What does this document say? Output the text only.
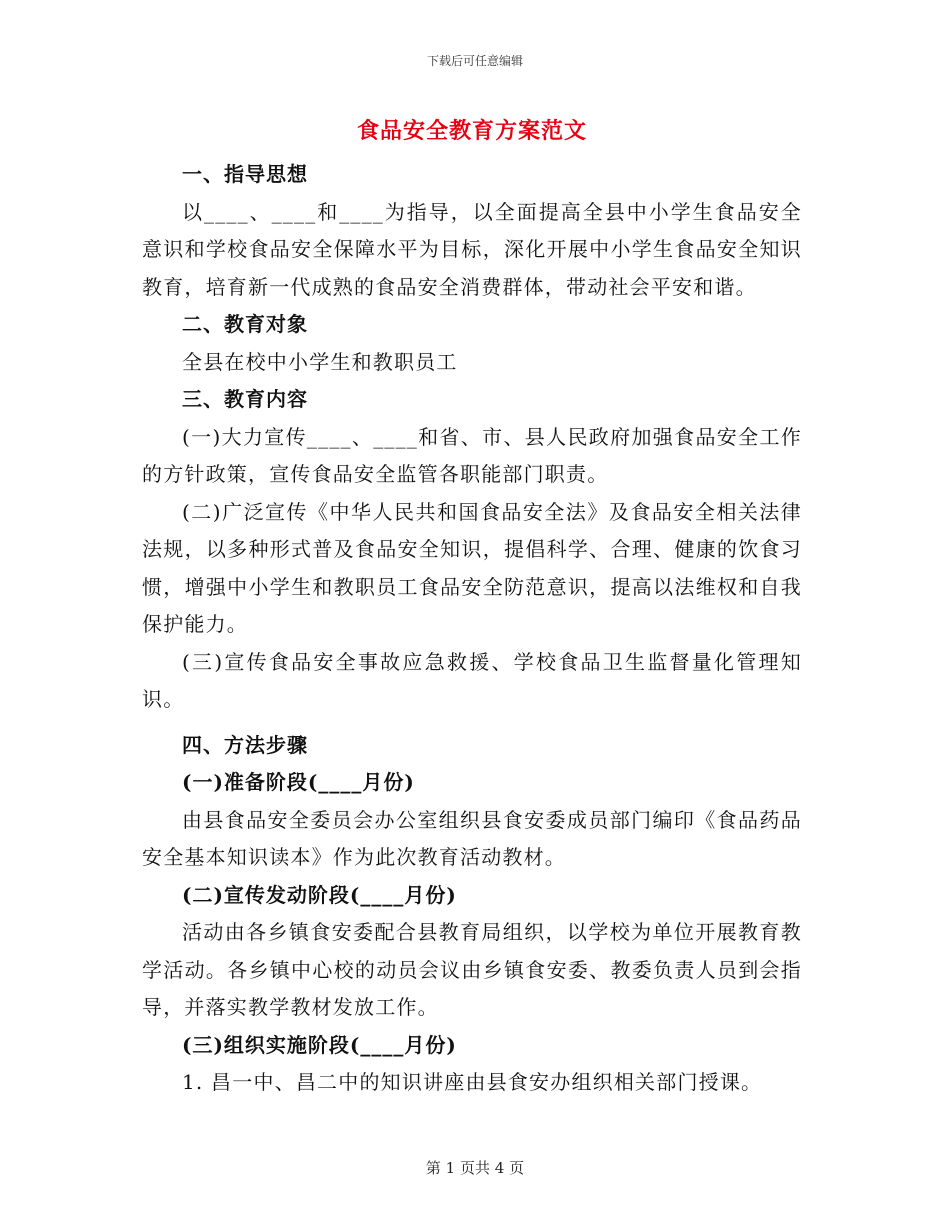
下载后可任意编辑
食品安全教育方案范文

一、指导思想

以____、____和____为指导，以全面提高全县中小学生食品安全意识和学校食品安全保障水平为目标，深化开展中小学生食品安全知识教育，培育新一代成熟的食品安全消费群体，带动社会平安和谐。

二、教育对象

全县在校中小学生和教职员工

三、教育内容

(一)大力宣传____、____和省、市、县人民政府加强食品安全工作的方针政策，宣传食品安全监管各职能部门职责。

(二)广泛宣传《中华人民共和国食品安全法》及食品安全相关法律法规，以多种形式普及食品安全知识，提倡科学、合理、健康的饮食习惯，增强中小学生和教职员工食品安全防范意识，提高以法维权和自我保护能力。

(三)宣传食品安全事故应急救援、学校食品卫生监督量化管理知识。

四、方法步骤

(一)准备阶段(____月份)

由县食品安全委员会办公室组织县食安委成员部门编印《食品药品安全基本知识读本》作为此次教育活动教材。

(二)宣传发动阶段(____月份)

活动由各乡镇食安委配合县教育局组织，以学校为单位开展教育教学活动。各乡镇中心校的动员会议由乡镇食安委、教委负责人员到会指导，并落实教学教材发放工作。

(三)组织实施阶段(____月份)

1. 昌一中、昌二中的知识讲座由县食安办组织相关部门授课。

第 1 页共 4 页
